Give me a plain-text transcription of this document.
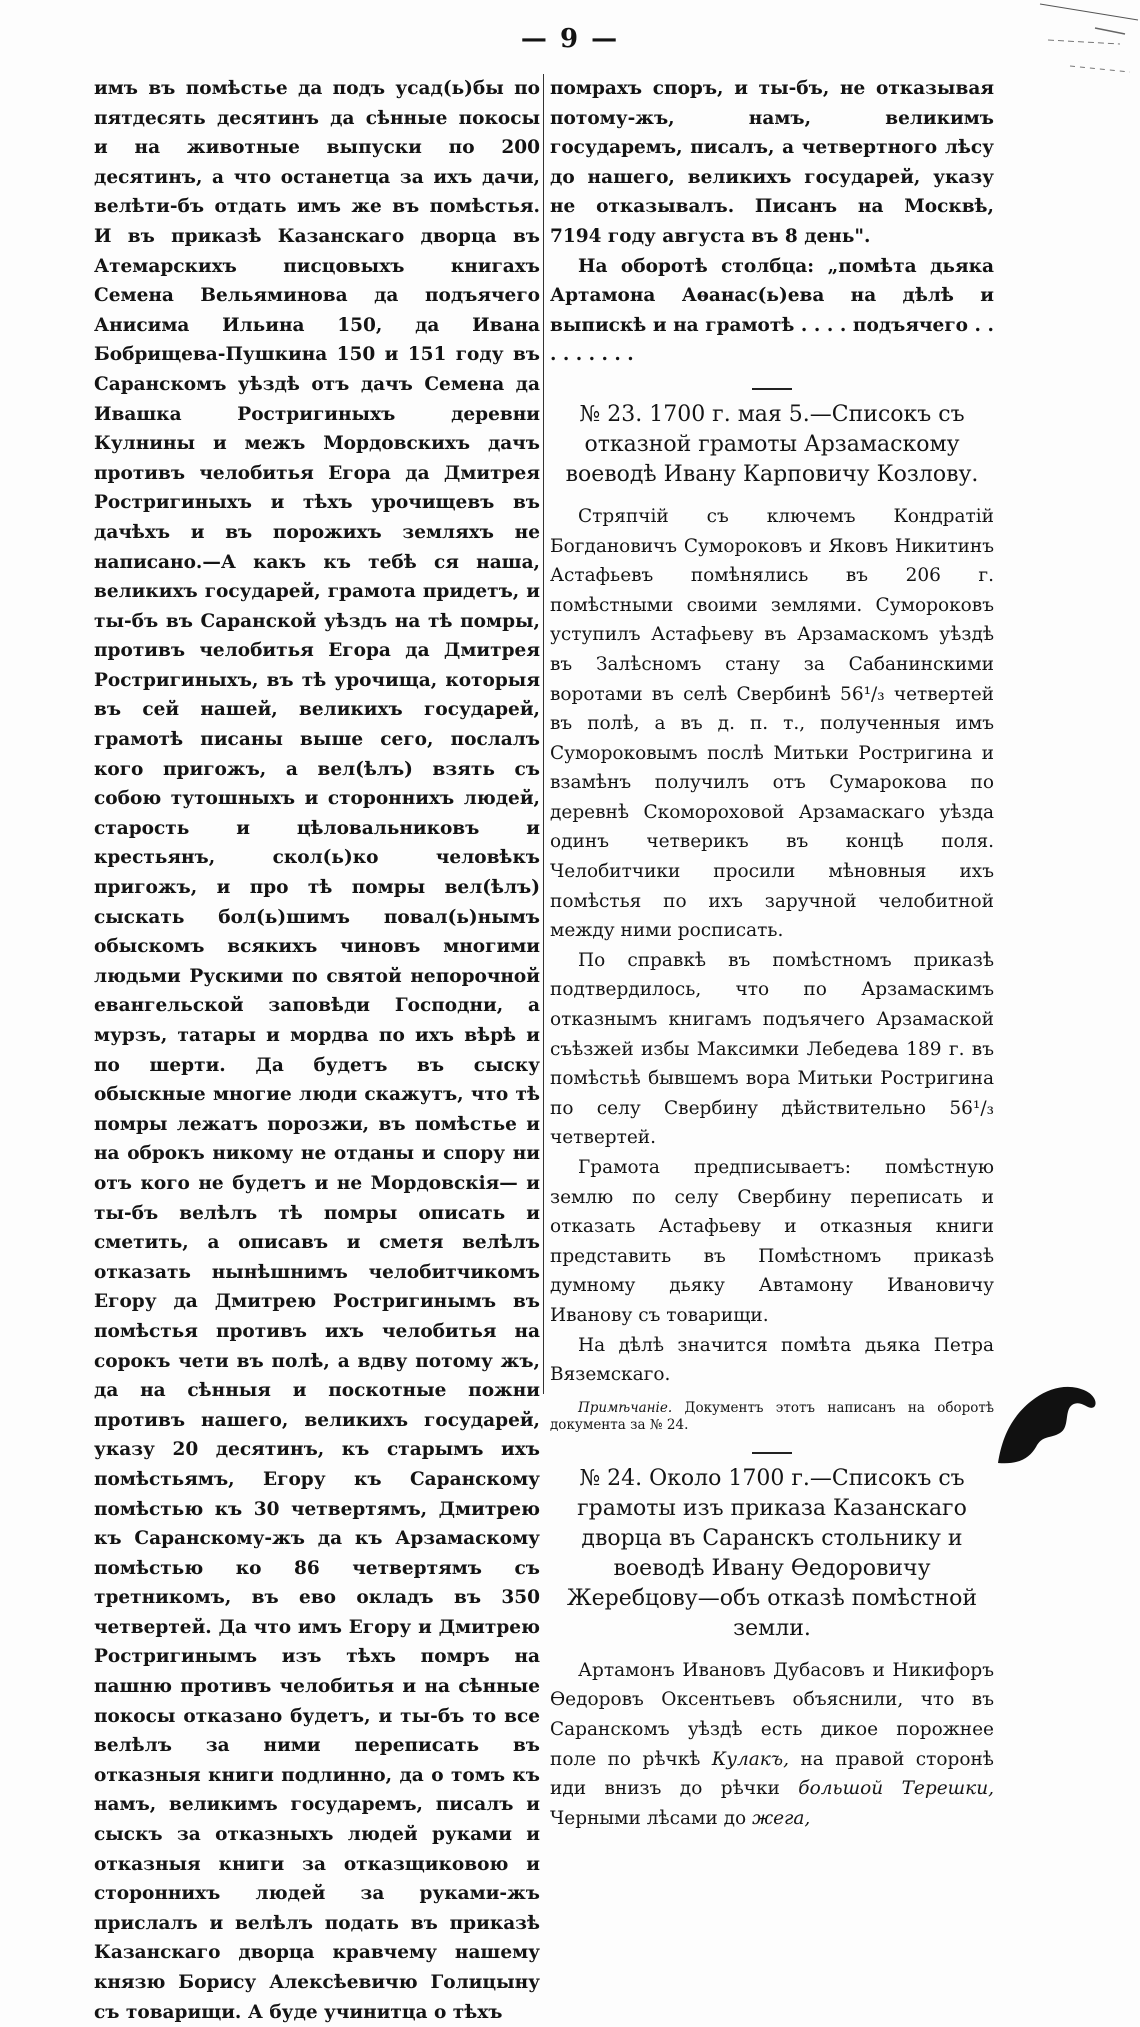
— 9 —

имъ въ помѣстье да подъ усад(ь)бы по пятдесять десятинъ да сѣнные покосы и на животные выпуски по 200 десятинъ, а что останетца за ихъ дачи, велѣти-бъ отдать имъ же въ помѣстья. И въ приказѣ Казанскаго дворца въ Атемарскихъ писцовыхъ книгахъ Семена Вельяминова да подъячего Анисима Ильина 150, да Ивана Бобрищева-Пушкина 150 и 151 году въ Саранскомъ уѣздѣ отъ дачъ Семена да Ивашка Ростригиныхъ деревни Кулнины и межъ Мордовскихъ дачъ противъ челобитья Егора да Дмитрея Ростригиныхъ и тѣхъ урочищевъ въ дачѣхъ и въ порожихъ земляхъ не написано.—А какъ къ тебѣ ся наша, великихъ государей, грамота придетъ, и ты-бъ въ Саранской уѣздъ на тѣ помры, противъ челобитья Егора да Дмитрея Ростригиныхъ, въ тѣ урочища, которыя въ сей нашей, великихъ государей, грамотѣ писаны выше сего, послалъ кого пригожъ, а вел(ѣлъ) взять съ собою тутошныхъ и стороннихъ людей, старость и цѣловальниковъ и крестьянъ, скол(ь)ко человѣкъ пригожъ, и про тѣ помры вел(ѣлъ) сыскать бол(ь)шимъ повал(ь)нымъ обыскомъ всякихъ чиновъ многими людьми Рускими по святой непорочной евангельской заповѣди Господни, а мурзъ, татары и мордва по ихъ вѣрѣ и по шерти. Да будетъ въ сыску обыскные многие люди скажутъ, что тѣ помры лежатъ порозжи, въ помѣстье и на оброкъ никому не отданы и спору ни отъ кого не будетъ и не Мордовскія— и ты-бъ велѣлъ тѣ помры описать и сметить, а описавъ и сметя велѣлъ отказать нынѣшнимъ челобитчикомъ Егору да Дмитрею Ростригинымъ въ помѣстья противъ ихъ челобитья на сорокъ чети въ полѣ, а вдву потому жъ, да на сѣнныя и поскотные пожни противъ нашего, великихъ государей, указу 20 десятинъ, къ старымъ ихъ помѣстьямъ, Егору къ Саранскому помѣстью къ 30 четвертямъ, Дмитрею къ Саранскому-жъ да къ Арзамаскому помѣстью ко 86 четвертямъ съ третникомъ, въ ево окладъ въ 350 четвертей. Да что имъ Егору и Дмитрею Ростригинымъ изъ тѣхъ помръ на пашню противъ челобитья и на сѣнные покосы отказано будетъ, и ты-бъ то все велѣлъ за ними переписать въ отказныя книги подлинно, да о томъ къ намъ, великимъ государемъ, писалъ и сыскъ за отказныхъ людей руками и отказныя книги за отказщиковою и стороннихъ людей за руками-жъ прислалъ и велѣлъ подать въ приказѣ Казанскаго дворца кравчему нашему князю Борису Алексѣевичю Голицыну съ товарищи. А буде учинитца о тѣхъ

помрахъ споръ, и ты-бъ, не отказывая потому-жъ, намъ, великимъ государемъ, писалъ, а четвертного лѣсу до нашего, великихъ государей, указу не отказывалъ. Писанъ на Москвѣ, 7194 году августа въ 8 день".

На оборотѣ столбца: „помѣта дьяка Артамона Аѳанас(ь)ева на дѣлѣ и выпискѣ и на грамотѣ . . . . подъячего . . . . . . . . .

№ 23. 1700 г. мая 5.—Списокъ съ отказной грамоты Арзамаскому воеводѣ Ивану Карповичу Козлову.

Стряпчій съ ключемъ Кондратій Богдановичъ Сумороковъ и Яковъ Никитинъ Астафьевъ помѣнялись въ 206 г. помѣстными своими землями. Сумороковъ уступилъ Астафьеву въ Арзамаскомъ уѣздѣ въ Залѣсномъ стану за Сабанинскими воротами въ селѣ Свербинѣ 56¹/₃ четвертей въ полѣ, а въ д. п. т., полученныя имъ Сумороковымъ послѣ Митьки Ростригина и взамѣнъ получилъ отъ Сумарокова по деревнѣ Скомороховой Арзамаскаго уѣзда одинъ четверикъ въ концѣ поля. Челобитчики просили мѣновныя ихъ помѣстья по ихъ заручной челобитной между ними росписать.

По справкѣ въ помѣстномъ приказѣ подтвердилось, что по Арзамаскимъ отказнымъ книгамъ подъячего Арзамаской съѣзжей избы Максимки Лебедева 189 г. въ помѣстьѣ бывшемъ вора Митьки Ростригина по селу Свербину дѣйствительно 56¹/₃ четвертей.

Грамота предписываетъ: помѣстную землю по селу Свербину переписать и отказать Астафьеву и отказныя книги представить въ Помѣстномъ приказѣ думному дьяку Автамону Ивановичу Иванову съ товарищи.

На дѣлѣ значится помѣта дьяка Петра Вяземскаго.

Примѣчаніе. Документъ этотъ написанъ на оборотѣ документа за № 24.

№ 24. Около 1700 г.—Списокъ съ грамоты изъ приказа Казанскаго дворца въ Саранскъ стольнику и воеводѣ Ивану Ѳедоровичу Жеребцову—объ отказѣ помѣстной земли.

Артамонъ Ивановъ Дубасовъ и Никифоръ Ѳедоровъ Оксентьевъ объяснили, что въ Саранскомъ уѣздѣ есть дикое порожнее поле по рѣчкѣ Кулакъ, на правой сторонѣ иди внизъ до рѣчки большой Терешки, Черными лѣсами до жега,
